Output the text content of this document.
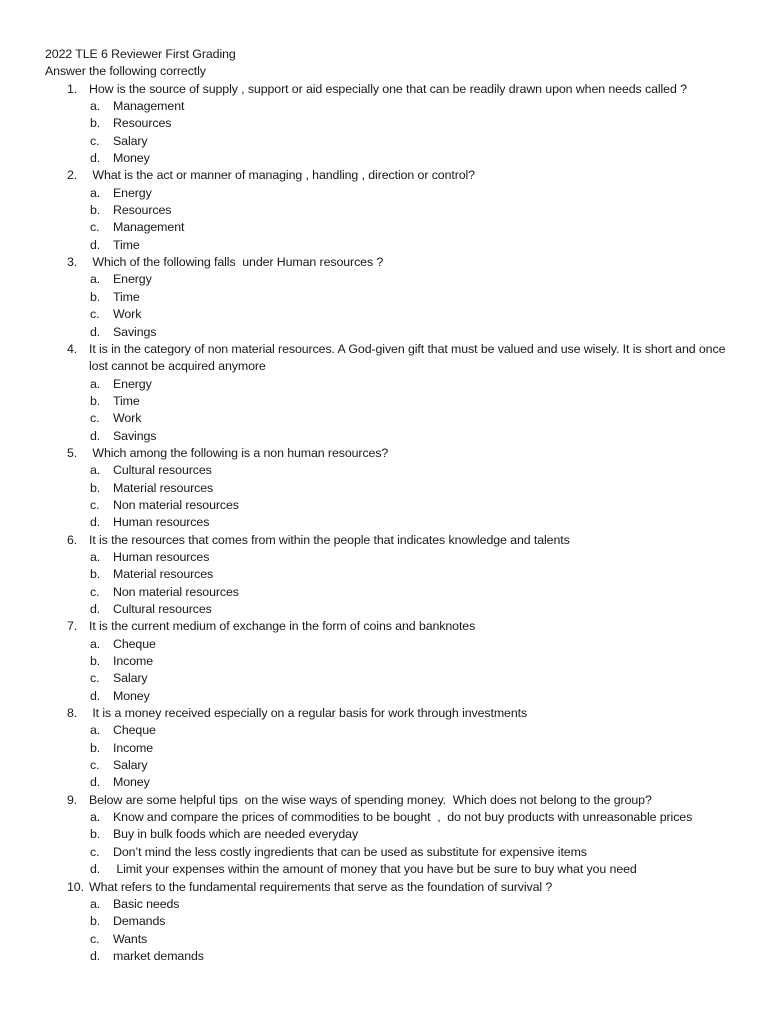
2022 TLE 6 Reviewer First Grading
Answer the following correctly
1. How is the source of supply , support or aid especially one that can be readily drawn upon when needs called ?
a. Management
b. Resources
c. Salary
d. Money
2. What is the act or manner of managing , handling , direction or control?
a. Energy
b. Resources
c. Management
d. Time
3. Which of the following falls  under Human resources ?
a. Energy
b. Time
c. Work
d. Savings
4. It is in the category of non material resources. A God-given gift that must be valued and use wisely. It is short and once lost cannot be acquired anymore
a. Energy
b. Time
c. Work
d. Savings
5. Which among the following is a non human resources?
a. Cultural resources
b. Material resources
c. Non material resources
d. Human resources
6. It is the resources that comes from within the people that indicates knowledge and talents
a. Human resources
b. Material resources
c. Non material resources
d. Cultural resources
7. It is the current medium of exchange in the form of coins and banknotes
a. Cheque
b. Income
c. Salary
d. Money
8. It is a money received especially on a regular basis for work through investments
a. Cheque
b. Income
c. Salary
d. Money
9. Below are some helpful tips  on the wise ways of spending money.  Which does not belong to the group?
a. Know and compare the prices of commodities to be bought  ,  do not buy products with unreasonable prices
b. Buy in bulk foods which are needed everyday
c. Don’t mind the less costly ingredients that can be used as substitute for expensive items
d. Limit your expenses within the amount of money that you have but be sure to buy what you need
10. What refers to the fundamental requirements that serve as the foundation of survival ?
a. Basic needs
b. Demands
c. Wants
d. market demands
